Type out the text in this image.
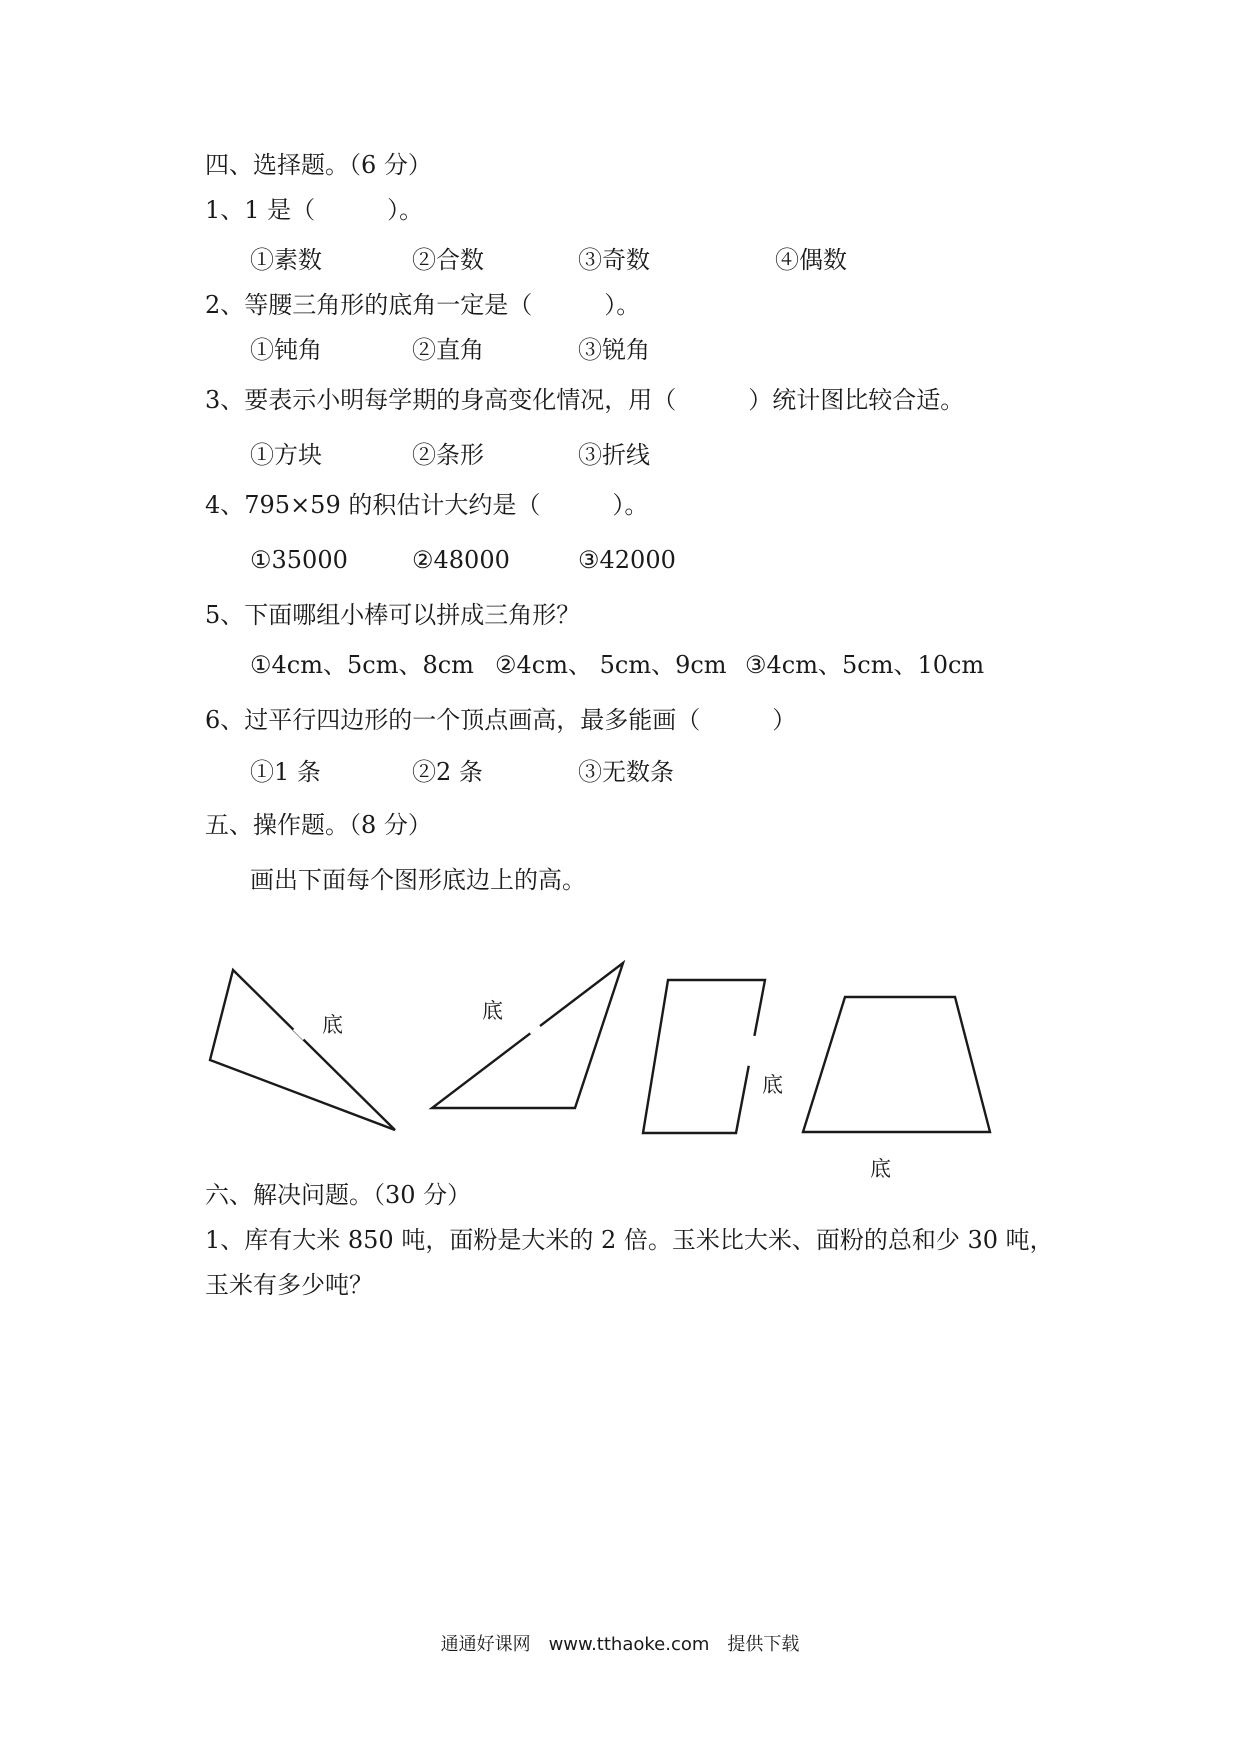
四、选择题。（6 分）
1、1 是（　　　）。
①素数	②合数	③奇数	④偶数
2、等腰三角形的底角一定是（　　　）。
①钝角	②直角	③锐角
3、要表示小明每学期的身高变化情况，用（　　　）统计图比较合适。
①方块	②条形	③折线
4、795×59 的积估计大约是（　　　）。
①35000	②48000	③42000
5、下面哪组小棒可以拼成三角形？
①4cm、5cm、8cm ②4cm、 5cm、9cm ③4cm、5cm、10cm
6、过平行四边形的一个顶点画高，最多能画（　　　）
①1 条	②2 条	③无数条
五、操作题。（8 分）
画出下面每个图形底边上的高。
底
底
底
底
六、解决问题。（30 分）
1、库有大米 850 吨，面粉是大米的 2 倍。玉米比大米、面粉的总和少 30 吨，
玉米有多少吨？
通通好课网　www.tthaoke.com　提供下载
